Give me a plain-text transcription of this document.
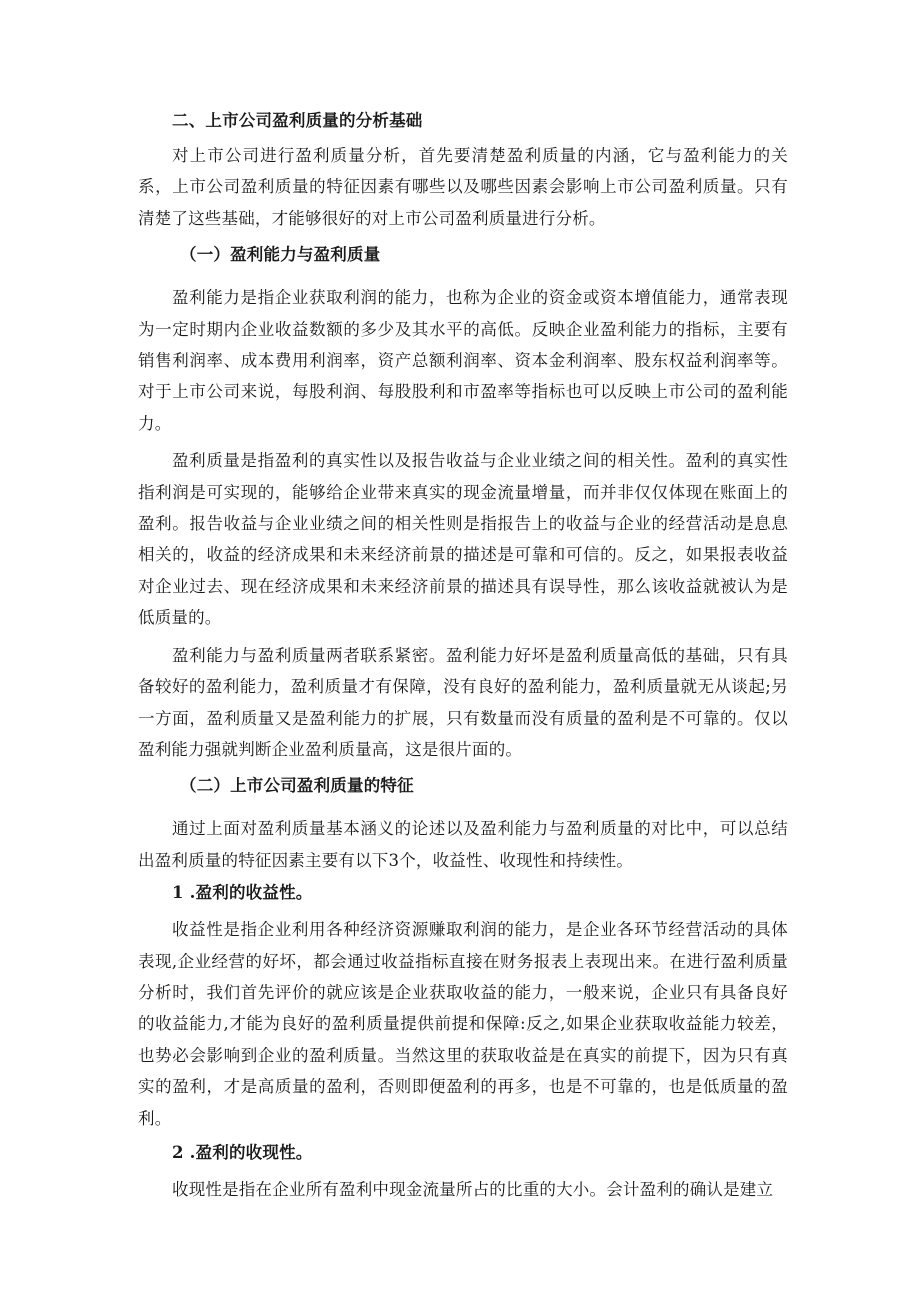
二、上市公司盈利质量的分析基础
对上市公司进行盈利质量分析，首先要清楚盈利质量的内涵，它与盈利能力的关系，上市公司盈利质量的特征因素有哪些以及哪些因素会影响上市公司盈利质量。只有清楚了这些基础，才能够很好的对上市公司盈利质量进行分析。
（一）盈利能力与盈利质量
盈利能力是指企业获取利润的能力，也称为企业的资金或资本增值能力，通常表现为一定时期内企业收益数额的多少及其水平的高低。反映企业盈利能力的指标，主要有销售利润率、成本费用利润率，资产总额利润率、资本金利润率、股东权益利润率等。对于上市公司来说，每股利润、每股股利和市盈率等指标也可以反映上市公司的盈利能力。
盈利质量是指盈利的真实性以及报告收益与企业业绩之间的相关性。盈利的真实性指利润是可实现的，能够给企业带来真实的现金流量增量，而并非仅仅体现在账面上的盈利。报告收益与企业业绩之间的相关性则是指报告上的收益与企业的经营活动是息息相关的，收益的经济成果和未来经济前景的描述是可靠和可信的。反之，如果报表收益对企业过去、现在经济成果和未来经济前景的描述具有误导性，那么该收益就被认为是低质量的。
盈利能力与盈利质量两者联系紧密。盈利能力好坏是盈利质量高低的基础，只有具备较好的盈利能力，盈利质量才有保障，没有良好的盈利能力，盈利质量就无从谈起;另一方面，盈利质量又是盈利能力的扩展，只有数量而没有质量的盈利是不可靠的。仅以盈利能力强就判断企业盈利质量高，这是很片面的。
（二）上市公司盈利质量的特征
通过上面对盈利质量基本涵义的论述以及盈利能力与盈利质量的对比中，可以总结出盈利质量的特征因素主要有以下3个，收益性、收现性和持续性。
1 .盈利的收益性。
收益性是指企业利用各种经济资源赚取利润的能力，是企业各环节经营活动的具体表现,企业经营的好坏，都会通过收益指标直接在财务报表上表现出来。在进行盈利质量分析时，我们首先评价的就应该是企业获取收益的能力，一般来说，企业只有具备良好的收益能力,才能为良好的盈利质量提供前提和保障:反之,如果企业获取收益能力较差，也势必会影响到企业的盈利质量。当然这里的获取收益是在真实的前提下，因为只有真实的盈利，才是高质量的盈利，否则即便盈利的再多，也是不可靠的，也是低质量的盈利。
2 .盈利的收现性。
收现性是指在企业所有盈利中现金流量所占的比重的大小。会计盈利的确认是建立
